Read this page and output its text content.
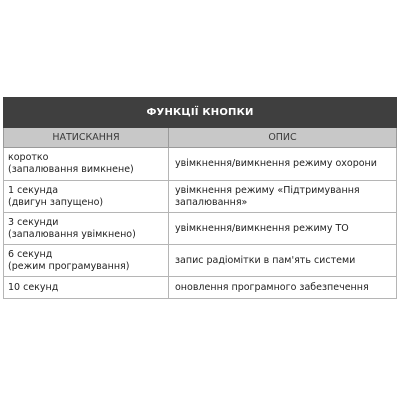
ФУНКЦІЇ КНОПКИ	
НАТИСКАННЯ	ОПИС

коротко
(запалювання вимкнене)	увімкнення/вимкнення режиму охорони

1 секунда
(двигун запущено)	увімкнення режиму «Підтримування
запалювання»

3 секунди
(запалювання увімкнено)	увімкнення/вимкнення режиму ТО

6 секунд
(режим програмування)	запис радіомітки в пам'ять системи

10 секунд	оновлення програмного забезпечення
